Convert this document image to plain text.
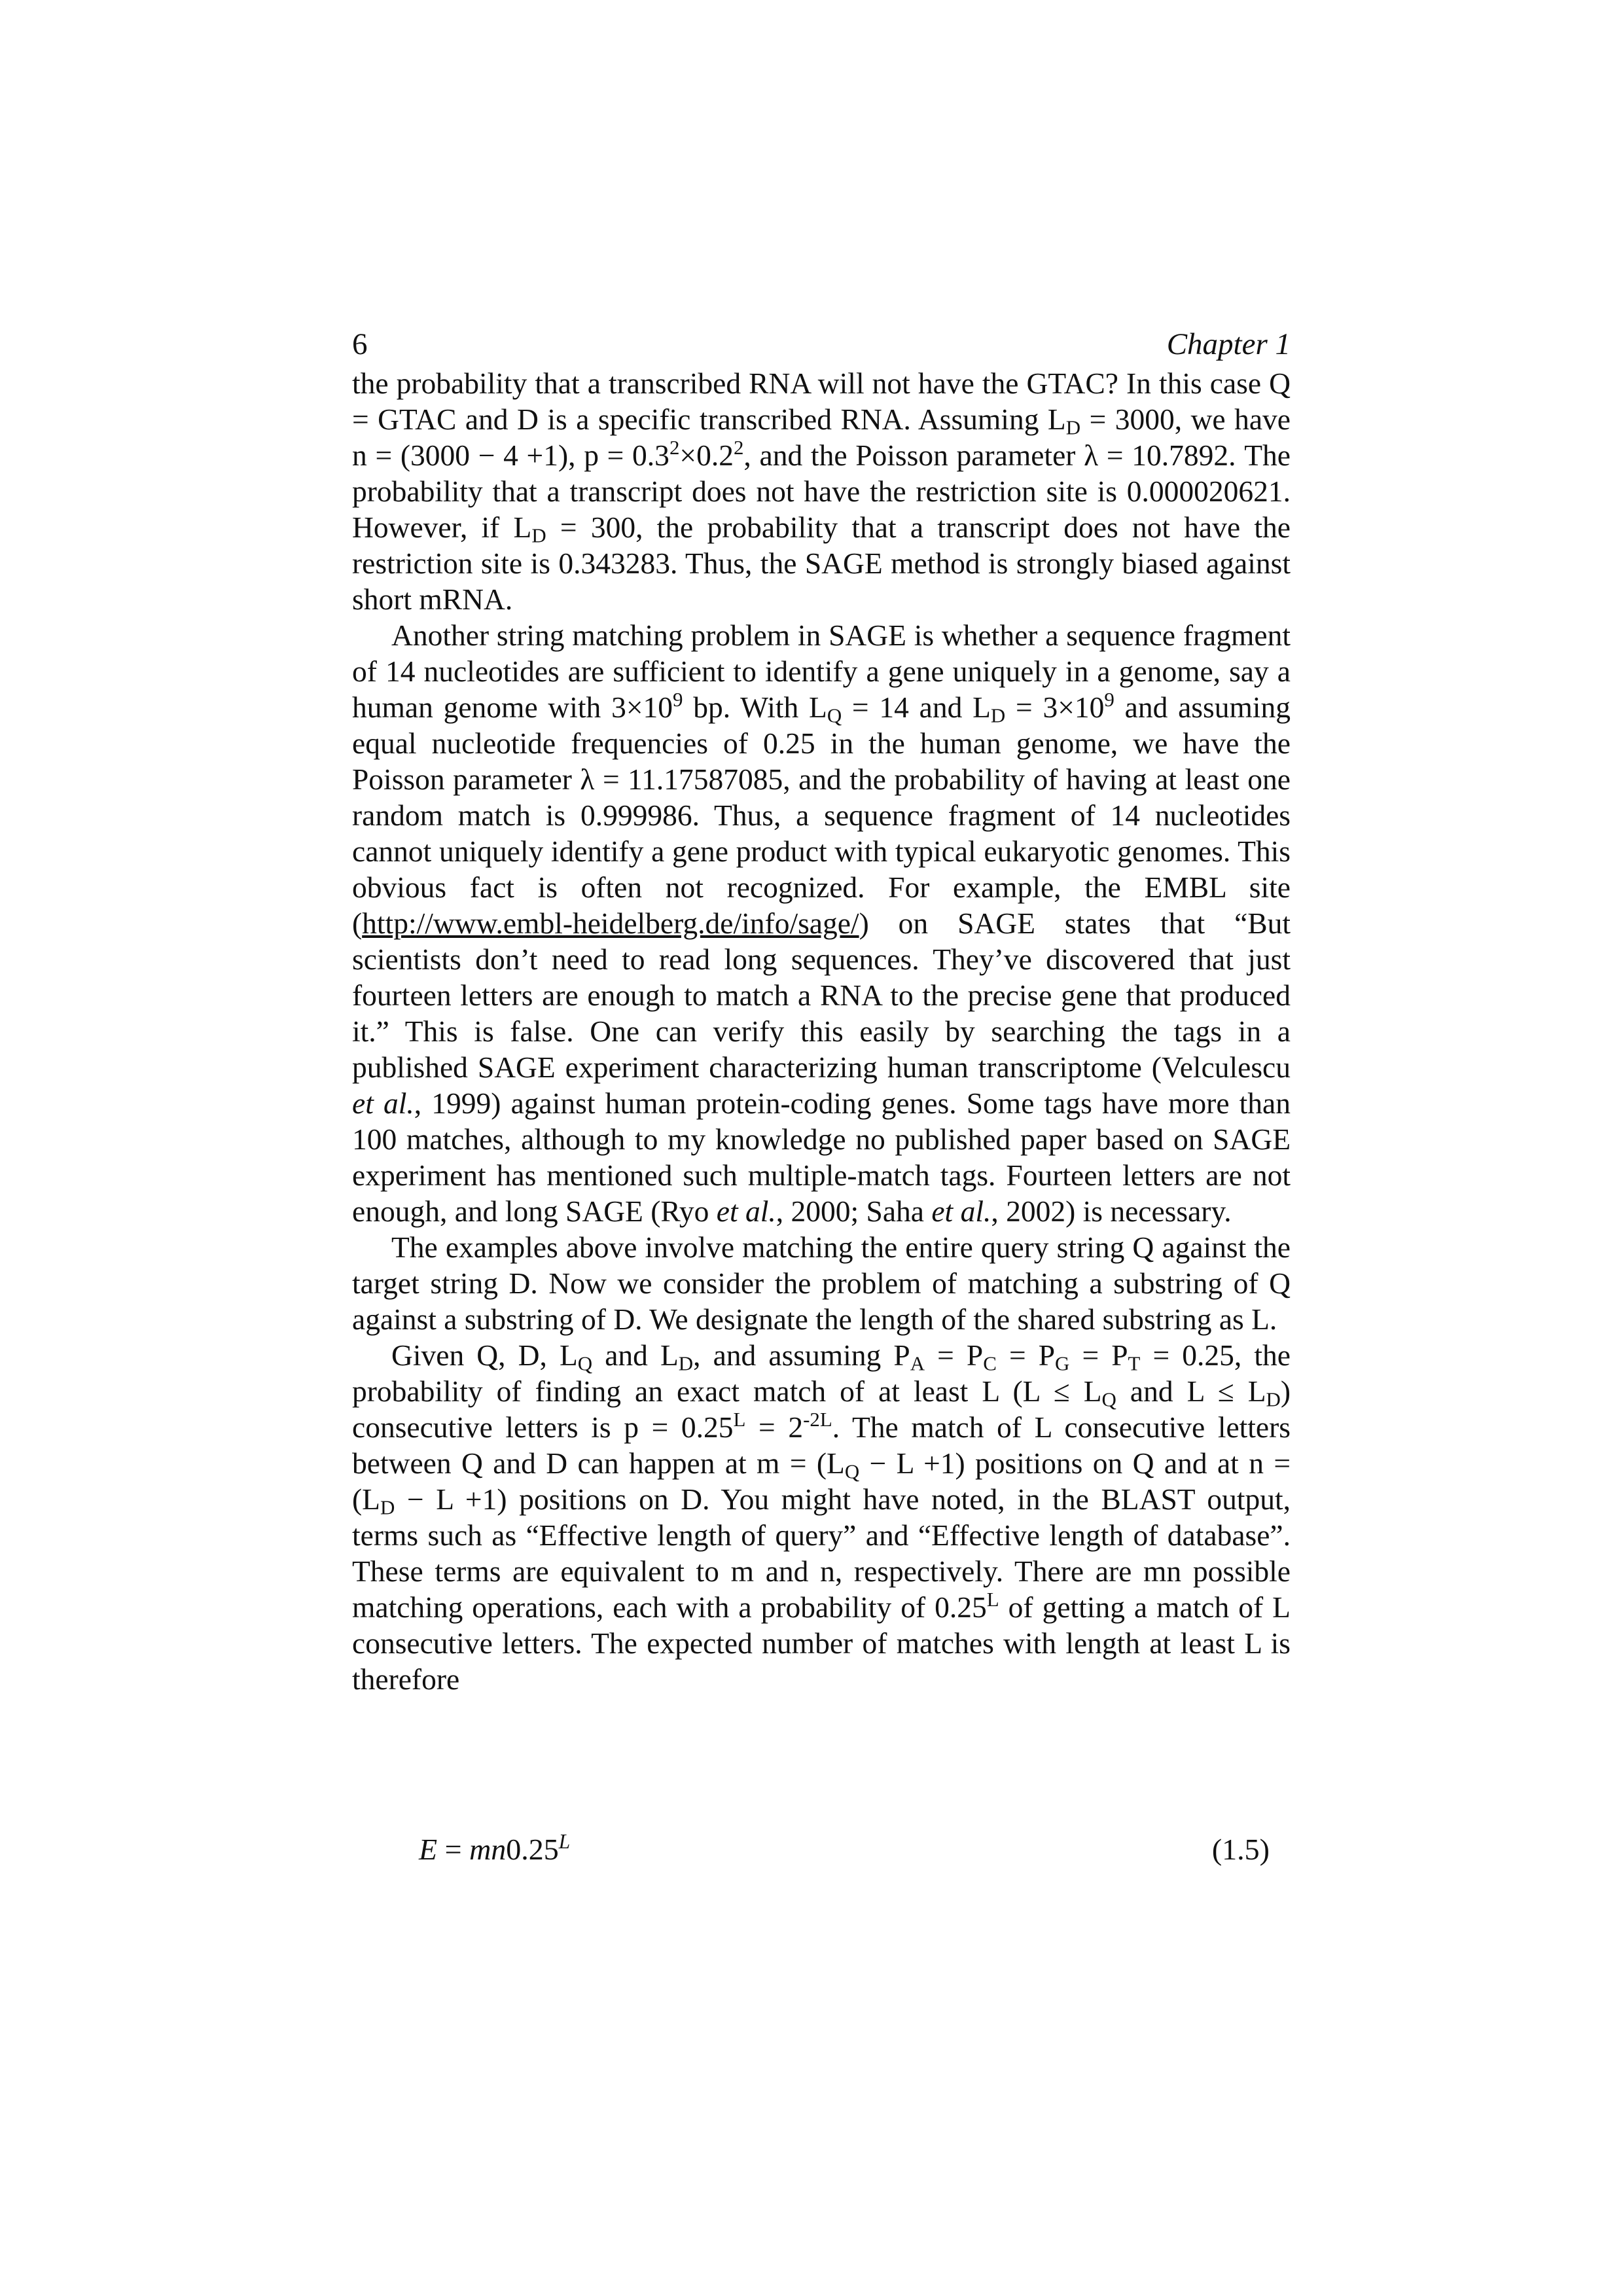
6	Chapter 1

the probability that a transcribed RNA will not have the GTAC? In this case Q = GTAC and D is a specific transcribed RNA. Assuming $L_D = 3000$, we have n = (3000 − 4 +1), $p = 0.3^2\times 0.2^2$, and the Poisson parameter λ = 10.7892. The probability that a transcript does not have the restriction site is 0.000020621. However, if $L_D = 300$, the probability that a transcript does not have the restriction site is 0.343283. Thus, the SAGE method is strongly biased against short mRNA.

Another string matching problem in SAGE is whether a sequence fragment of 14 nucleotides are sufficient to identify a gene uniquely in a genome, say a human genome with $3\times 10^9$ bp. With $L_Q = 14$ and $L_D = 3\times 10^9$ and assuming equal nucleotide frequencies of 0.25 in the human genome, we have the Poisson parameter λ = 11.17587085, and the probability of having at least one random match is 0.999986. Thus, a sequence fragment of 14 nucleotides cannot uniquely identify a gene product with typical eukaryotic genomes. This obvious fact is often not recognized. For example, the EMBL site (http://www.embl-heidelberg.de/info/sage/) on SAGE states that “But scientists don’t need to read long sequences. They’ve discovered that just fourteen letters are enough to match a RNA to the precise gene that produced it.” This is false. One can verify this easily by searching the tags in a published SAGE experiment characterizing human transcriptome (Velculescu et al., 1999) against human protein-coding genes. Some tags have more than 100 matches, although to my knowledge no published paper based on SAGE experiment has mentioned such multiple-match tags. Fourteen letters are not enough, and long SAGE (Ryo et al., 2000; Saha et al., 2002) is necessary.

The examples above involve matching the entire query string Q against the target string D. Now we consider the problem of matching a substring of Q against a substring of D. We designate the length of the shared substring as L.

Given Q, D, $L_Q$ and $L_D$, and assuming $P_A = P_C = P_G = P_T = 0.25$, the probability of finding an exact match of at least L ($L \le L_Q$ and $L \le L_D$) consecutive letters is $p = 0.25^L = 2^{-2L}$. The match of L consecutive letters between Q and D can happen at $m = (L_Q - L +1)$ positions on Q and at $n = (L_D - L +1)$ positions on D. You might have noted, in the BLAST output, terms such as “Effective length of query” and “Effective length of database”. These terms are equivalent to m and n, respectively. There are mn possible matching operations, each with a probability of $0.25^L$ of getting a match of L consecutive letters. The expected number of matches with length at least L is therefore

$E = mn0.25^L$	(1.5)
